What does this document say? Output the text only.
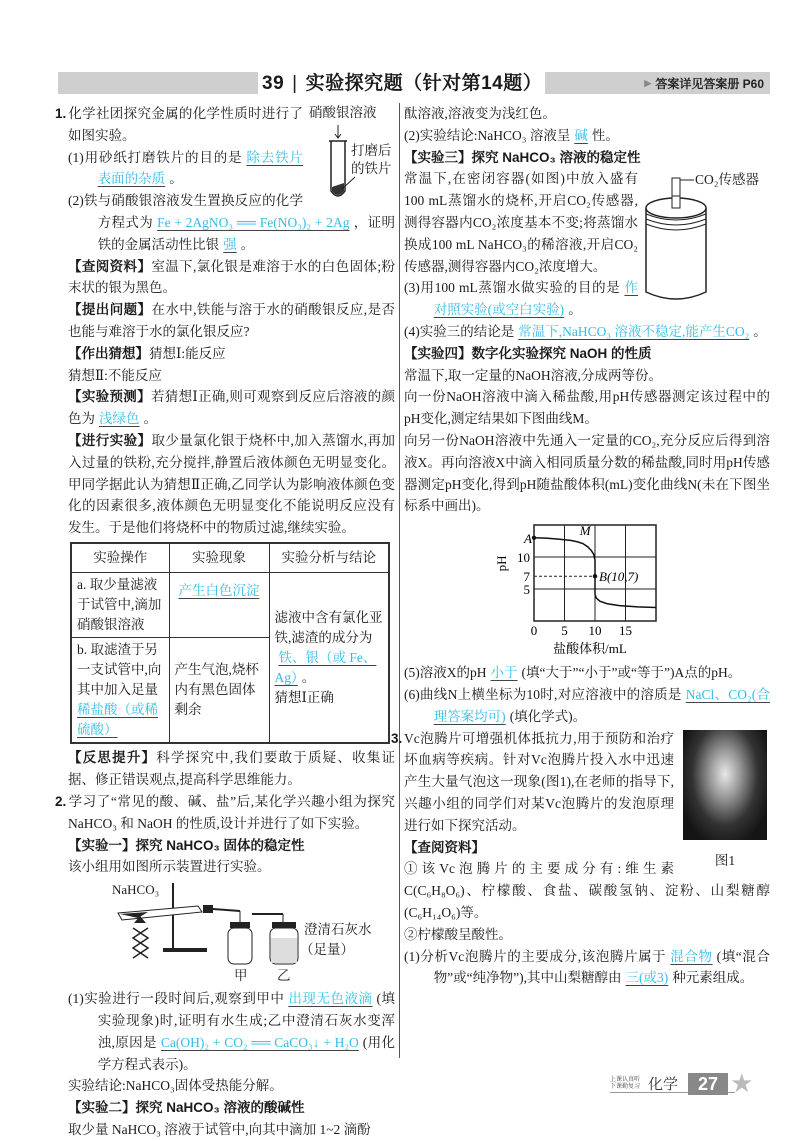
39 | 实验探究题（针对第14题）	▶ 答案详见答案册 P60
硝酸银溶液
打磨后
的铁片
1. 化学社团探究金属的化学性质时进行了如图实验。
(1)用砂纸打磨铁片的目的是 除去铁片表面的杂质 。
(2)铁与硝酸银溶液发生置换反应的化学方程式为 Fe + 2AgNO₃ ══ Fe(NO₃)₂ + 2Ag ，证明铁的金属活动性比银 强 。
【查阅资料】室温下,氯化银是难溶于水的白色固体;粉末状的银为黑色。
【提出问题】在水中,铁能与溶于水的硝酸银反应,是否也能与难溶于水的氯化银反应?
【作出猜想】猜想Ⅰ:能反应
猜想Ⅱ:不能反应
【实验预测】若猜想Ⅰ正确,则可观察到反应后溶液的颜色为 浅绿色 。
【进行实验】取少量氯化银于烧杯中,加入蒸馏水,再加入过量的铁粉,充分搅拌,静置后液体颜色无明显变化。甲同学据此认为猜想Ⅱ正确,乙同学认为影响液体颜色变化的因素很多,液体颜色无明显变化不能说明反应没有发生。于是他们将烧杯中的物质过滤,继续实验。
实验操作	实验现象	实验分析与结论
a. 取少量滤液于试管中,滴加硝酸银溶液	产生白色沉淀	滤液中含有氯化亚铁,滤渣的成分为铁、银（或 Fe、Ag） 。
猜想Ⅰ正确
b. 取滤渣于另一支试管中,向其中加入足量稀盐酸（或稀硫酸）	产生气泡,烧杯内有黑色固体剩余	
【反思提升】科学探究中,我们要敢于质疑、收集证据、修正错误观点,提高科学思维能力。
2. 学习了“常见的酸、碱、盐”后,某化学兴趣小组为探究NaHCO₃ 和 NaOH 的性质,设计并进行了如下实验。
【实验一】探究 NaHCO₃ 固体的稳定性
该小组用如图所示装置进行实验。
NaHCO₃
澄清石灰水
（足量）
甲 乙
(1)实验进行一段时间后,观察到甲中 出现无色液滴 (填实验现象)时,证明有水生成;乙中澄清石灰水变浑浊,原因是 Ca(OH)₂ + CO₂ ══ CaCO₃↓ + H₂O (用化学方程式表示)。
实验结论:NaHCO₃固体受热能分解。
【实验二】探究 NaHCO₃ 溶液的酸碱性
取少量 NaHCO₃ 溶液于试管中,向其中滴加 1~2 滴酚
酞溶液,溶液变为浅红色。
(2)实验结论:NaHCO₃ 溶液呈 碱 性。
【实验三】探究 NaHCO₃ 溶液的稳定性
CO₂传感器
常温下,在密闭容器(如图)中放入盛有100 mL蒸馏水的烧杯,开启CO₂传感器,测得容器内CO₂浓度基本不变;将蒸馏水换成100 mL NaHCO₃的稀溶液,开启CO₂传感器,测得容器内CO₂浓度增大。
(3)用100 mL蒸馏水做实验的目的是 作对照实验(或空白实验) 。
(4)实验三的结论是 常温下,NaHCO₃ 溶液不稳定,能产生CO₂ 。
【实验四】数字化实验探究 NaOH 的性质
常温下,取一定量的NaOH溶液,分成两等份。
向一份NaOH溶液中滴入稀盐酸,用pH传感器测定该过程中的pH变化,测定结果如下图曲线M。
向另一份NaOH溶液中先通入一定量的CO₂,充分反应后得到溶液X。再向溶液X中滴入相同质量分数的稀盐酸,同时用pH传感器测定pH变化,得到pH随盐酸体积(mL)变化曲线N(未在下图坐标系中画出)。
0 5 10 15
5
7
10
盐酸体积/mL
pH
M
A
B(10,7)
(5)溶液X的pH 小于 (填“大于”“小于”或“等于”)A点的pH。
(6)曲线N上横坐标为10时,对应溶液中的溶质是 NaCl、CO₂(合理答案均可) (填化学式)。
图1
3. Vc泡腾片可增强机体抵抗力,用于预防和治疗坏血病等疾病。针对Vc泡腾片投入水中迅速产生大量气泡这一现象(图1),在老师的指导下,兴趣小组的同学们对某Vc泡腾片的发泡原理进行如下探究活动。
【查阅资料】
①该Vc泡腾片的主要成分有:维生素C(C₆H₈O₆)、柠檬酸、食盐、碳酸氢钠、淀粉、山梨糖醇(C₆H₁₄O₆)等。
②柠檬酸呈酸性。
(1)分析Vc泡腾片的主要成分,该泡腾片属于 混合物 (填“混合物”或“纯净物”),其中山梨糖醇由 三(或3) 种元素组成。
上课认真听
下课勤复习 化学	27 ★
